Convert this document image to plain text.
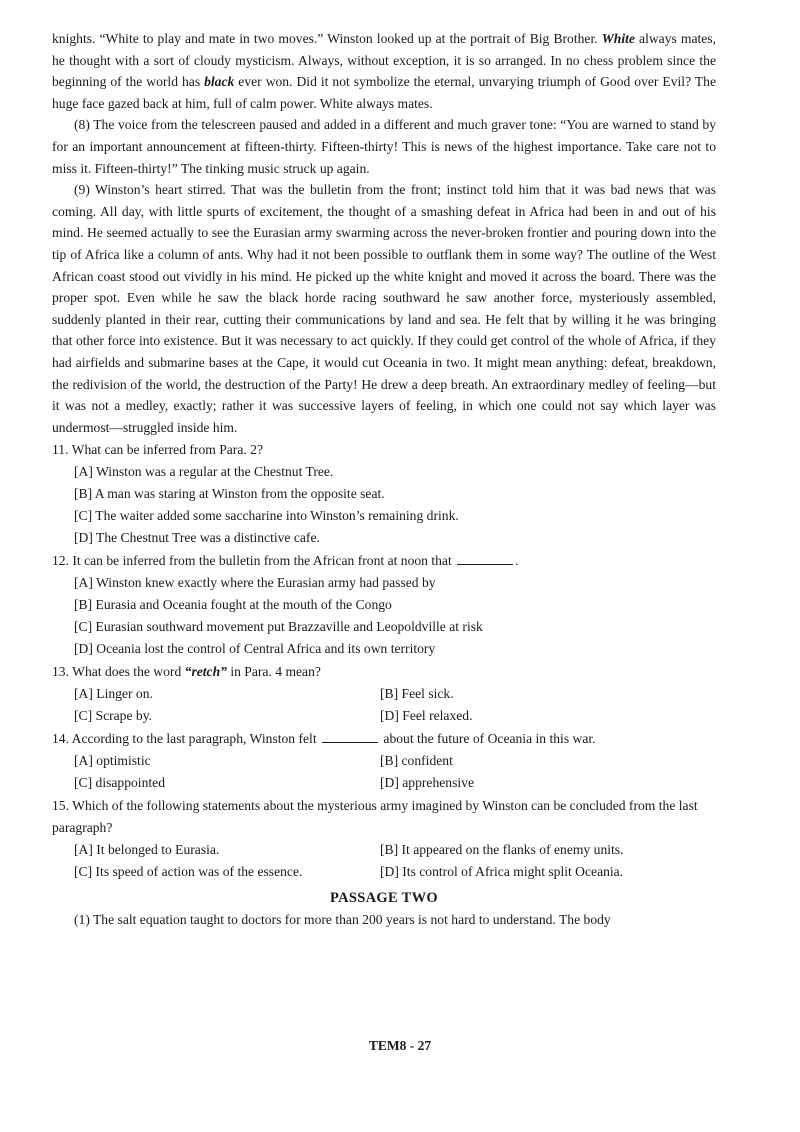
knights. “White to play and mate in two moves.” Winston looked up at the portrait of Big Brother. White always mates, he thought with a sort of cloudy mysticism. Always, without exception, it is so arranged. In no chess problem since the beginning of the world has black ever won. Did it not symbolize the eternal, unvarying triumph of Good over Evil? The huge face gazed back at him, full of calm power. White always mates.

(8) The voice from the telescreen paused and added in a different and much graver tone: “You are warned to stand by for an important announcement at fifteen-thirty. Fifteen-thirty! This is news of the highest importance. Take care not to miss it. Fifteen-thirty!” The tinking music struck up again.

(9) Winston’s heart stirred. That was the bulletin from the front; instinct told him that it was bad news that was coming. All day, with little spurts of excitement, the thought of a smashing defeat in Africa had been in and out of his mind. He seemed actually to see the Eurasian army swarming across the never-broken frontier and pouring down into the tip of Africa like a column of ants. Why had it not been possible to outflank them in some way? The outline of the West African coast stood out vividly in his mind. He picked up the white knight and moved it across the board. There was the proper spot. Even while he saw the black horde racing southward he saw another force, mysteriously assembled, suddenly planted in their rear, cutting their communications by land and sea. He felt that by willing it he was bringing that other force into existence. But it was necessary to act quickly. If they could get control of the whole of Africa, if they had airfields and submarine bases at the Cape, it would cut Oceania in two. It might mean anything: defeat, breakdown, the redivision of the world, the destruction of the Party! He drew a deep breath. An extraordinary medley of feeling—but it was not a medley, exactly; rather it was successive layers of feeling, in which one could not say which layer was undermost—struggled inside him.

11. What can be inferred from Para. 2?

[A] Winston was a regular at the Chestnut Tree.

[B] A man was staring at Winston from the opposite seat.

[C] The waiter added some saccharine into Winston’s remaining drink.

[D] The Chestnut Tree was a distinctive cafe.

12. It can be inferred from the bulletin from the African front at noon that	.

[A] Winston knew exactly where the Eurasian army had passed by

[B] Eurasia and Oceania fought at the mouth of the Congo

[C] Eurasian southward movement put Brazzaville and Leopoldville at risk

[D] Oceania lost the control of Central Africa and its own territory

13. What does the word “retch” in Para. 4 mean?

[A] Linger on.	[B] Feel sick.

[C] Scrape by.	[D] Feel relaxed.

14. According to the last paragraph, Winston felt	about the future of Oceania in this war.

[A] optimistic	[B] confident

[C] disappointed	[D] apprehensive

15. Which of the following statements about the mysterious army imagined by Winston can be concluded from the last paragraph?

[A] It belonged to Eurasia.	[B] It appeared on the flanks of enemy units.

[C] Its speed of action was of the essence.	[D] Its control of Africa might split Oceania.

PASSAGE TWO

(1) The salt equation taught to doctors for more than 200 years is not hard to understand. The body

TEM8 - 27
